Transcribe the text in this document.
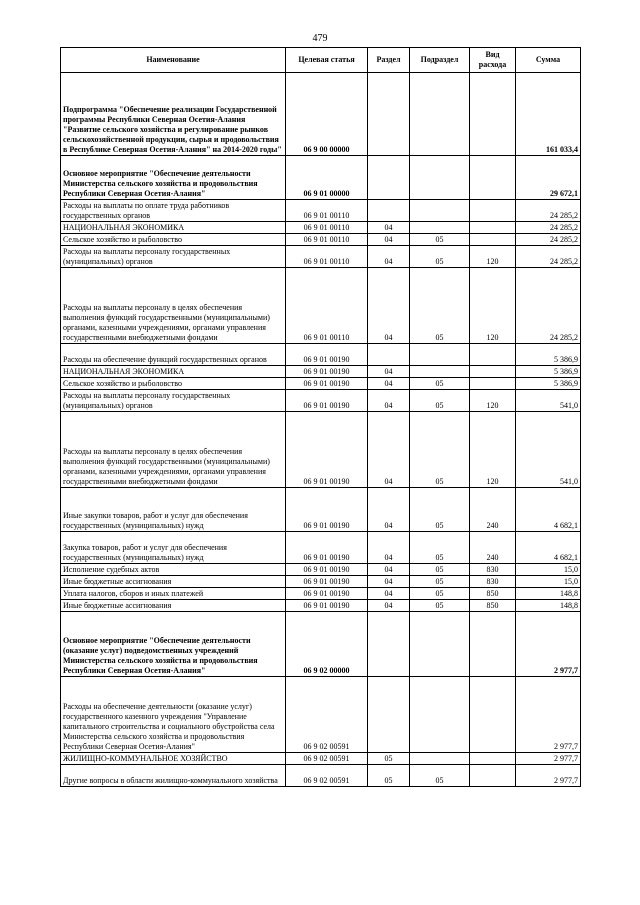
479
Наименование	Целевая статья	Раздел	Подраздел	Вид расхода	Сумма
Подпрограмма "Обеспечение реализации Государственной программы Республики Северная Осетия-Алания "Развитие сельского хозяйства и регулирование рынков сельскохозяйственной продукции, сырья и продовольствия в Республике Северная Осетия-Алания" на 2014-2020 годы"	06 9 00 00000				161 033,4
Основное мероприятие "Обеспечение деятельности Министерства сельского хозяйства и продовольствия Республики Северная Осетия-Алания"	06 9 01 00000				29 672,1
Расходы на выплаты по оплате труда работников государственных органов	06 9 01 00110				24 285,2
НАЦИОНАЛЬНАЯ ЭКОНОМИКА	06 9 01 00110	04			24 285,2
Сельское хозяйство и рыболовство	06 9 01 00110	04	05		24 285,2
Расходы на выплаты персоналу государственных (муниципальных) органов	06 9 01 00110	04	05	120	24 285,2
Расходы на выплаты персоналу в целях обеспечения выполнения функций государственными (муниципальными) органами, казенными учреждениями, органами управления государственными внебюджетными фондами	06 9 01 00110	04	05	120	24 285,2
Расходы на обеспечение функций государственных органов	06 9 01 00190				5 386,9
НАЦИОНАЛЬНАЯ ЭКОНОМИКА	06 9 01 00190	04			5 386,9
Сельское хозяйство и рыболовство	06 9 01 00190	04	05		5 386,9
Расходы на выплаты персоналу государственных (муниципальных) органов	06 9 01 00190	04	05	120	541,0
Расходы на выплаты персоналу в целях обеспечения выполнения функций государственными (муниципальными) органами, казенными учреждениями, органами управления государственными внебюджетными фондами	06 9 01 00190	04	05	120	541,0
Иные закупки товаров, работ и услуг для обеспечения государственных (муниципальных) нужд	06 9 01 00190	04	05	240	4 682,1
Закупка товаров, работ и услуг для обеспечения государственных (муниципальных) нужд	06 9 01 00190	04	05	240	4 682,1
Исполнение судебных актов	06 9 01 00190	04	05	830	15,0
Иные бюджетные ассигнования	06 9 01 00190	04	05	830	15,0
Уплата налогов, сборов и иных платежей	06 9 01 00190	04	05	850	148,8
Иные бюджетные ассигнования	06 9 01 00190	04	05	850	148,8
Основное мероприятие "Обеспечение деятельности (оказание услуг) подведомственных учреждений Министерства сельского хозяйства и продовольствия Республики Северная Осетия-Алания"	06 9 02 00000				2 977,7
Расходы на обеспечение деятельности (оказание услуг) государственного казенного учреждения "Управление капитального строительства и социального обустройства села Министерства сельского хозяйства и продовольствия Республики Северная Осетия-Алания"	06 9 02 00591				2 977,7
ЖИЛИЩНО-КОММУНАЛЬНОЕ ХОЗЯЙСТВО	06 9 02 00591	05			2 977,7
Другие вопросы в области жилищно-коммунального хозяйства	06 9 02 00591	05	05		2 977,7
